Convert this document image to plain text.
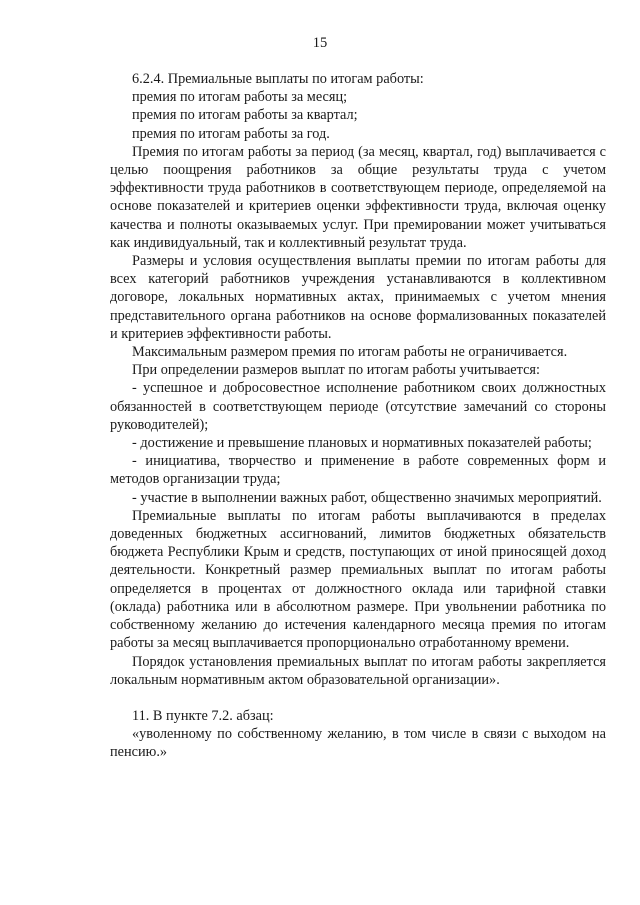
15

6.2.4. Премиальные выплаты по итогам работы:

премия по итогам работы за месяц;

премия по итогам работы за квартал;

премия по итогам работы за год.

Премия по итогам работы за период (за месяц, квартал, год) выплачивается с целью поощрения работников за общие результаты труда с учетом эффективности труда работников в соответствующем периоде, определяемой на основе показателей и критериев оценки эффективности труда, включая оценку качества и полноты оказываемых услуг. При премировании может учитываться как индивидуальный, так и коллективный результат труда.

Размеры и условия осуществления выплаты премии по итогам работы для всех категорий работников учреждения устанавливаются в коллективном договоре, локальных нормативных актах, принимаемых с учетом мнения представительного органа работников на основе формализованных показателей и критериев эффективности работы.

Максимальным размером премия по итогам работы не ограничивается.

При определении размеров выплат по итогам работы учитывается:

- успешное и добросовестное исполнение работником своих должностных обязанностей в соответствующем периоде (отсутствие замечаний со стороны руководителей);

- достижение и превышение плановых и нормативных показателей работы;

- инициатива, творчество и применение в работе современных форм и методов организации труда;

- участие в выполнении важных работ, общественно значимых мероприятий.

Премиальные выплаты по итогам работы выплачиваются в пределах доведенных бюджетных ассигнований, лимитов бюджетных обязательств бюджета Республики Крым и средств, поступающих от иной приносящей доход деятельности. Конкретный размер премиальных выплат по итогам работы определяется в процентах от должностного оклада или тарифной ставки (оклада) работника или в абсолютном размере. При увольнении работника по собственному желанию до истечения календарного месяца премия по итогам работы за месяц выплачивается пропорционально отработанному времени.

Порядок установления премиальных выплат по итогам работы закрепляется локальным нормативным актом образовательной организации».

11. В пункте 7.2. абзац:

«уволенному по собственному желанию, в том числе в связи с выходом на пенсию.»
